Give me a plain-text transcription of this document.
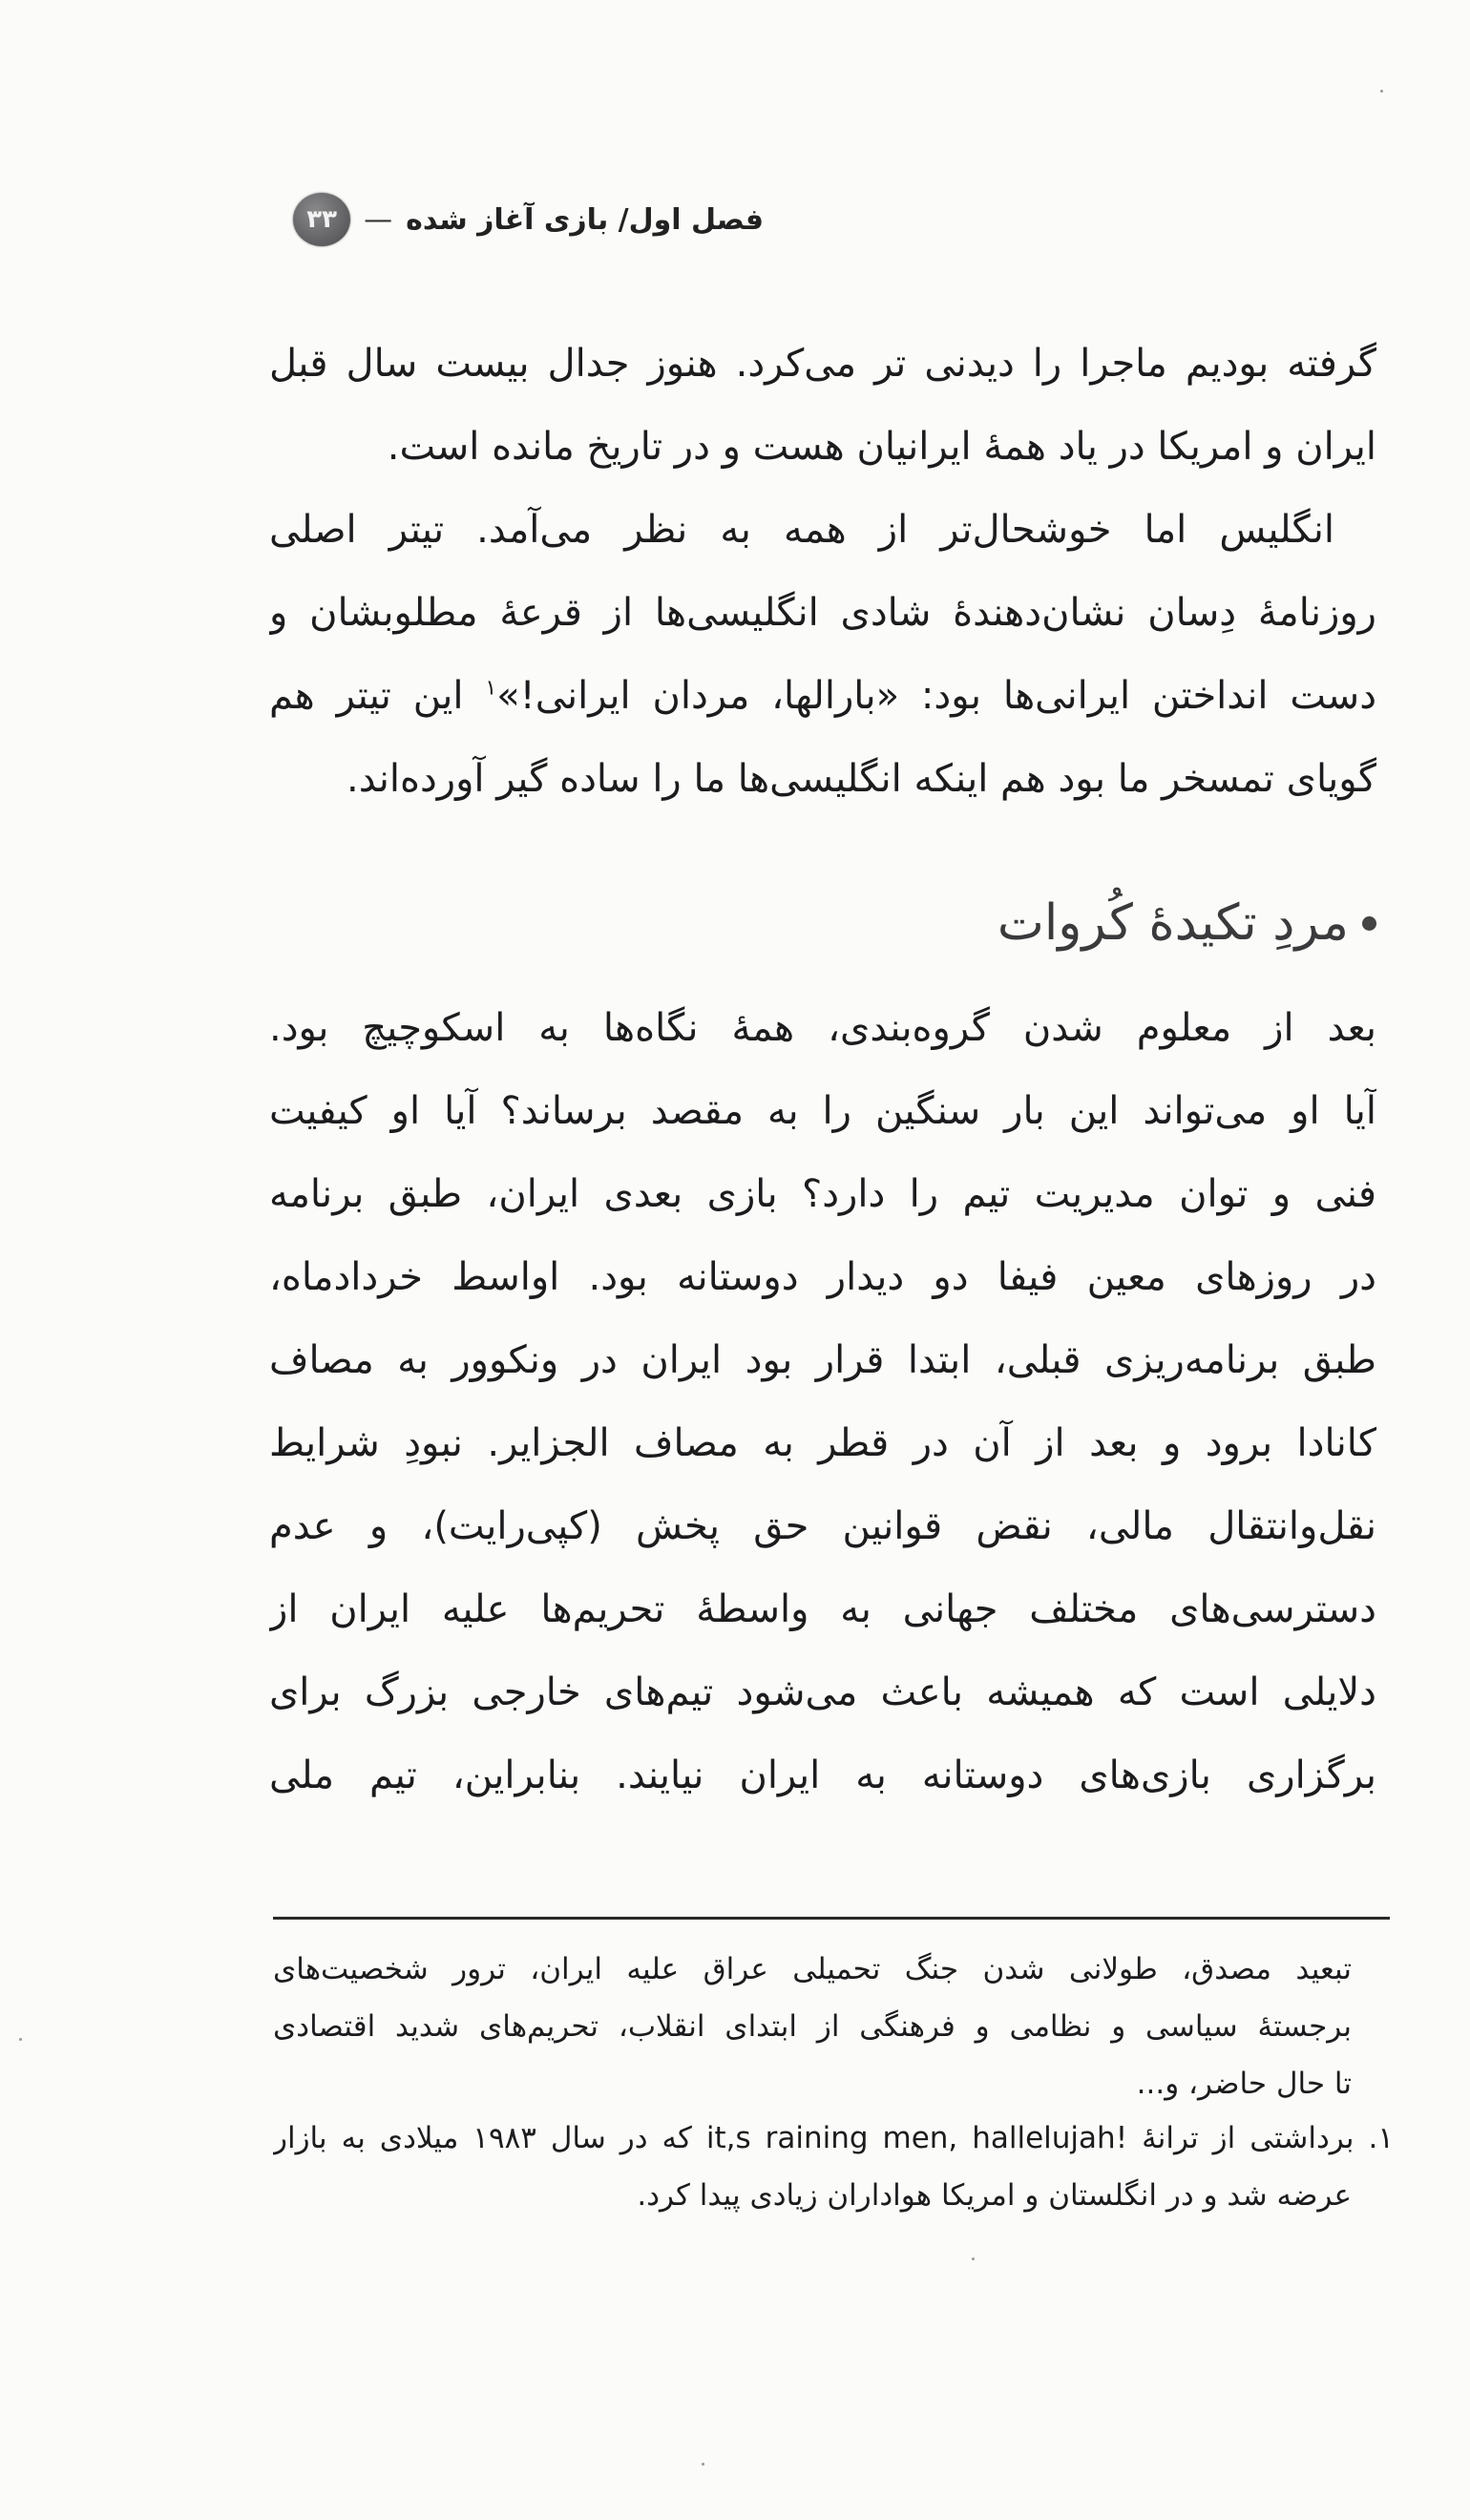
فصل اول/ بازی آغاز شده
—
۳۳
گرفته بودیم ماجرا را دیدنی تر می‌کرد. هنوز جدال بیست سال قبل
ایران و امریکا در یاد همهٔ ایرانیان هست و در تاریخ مانده است.
انگلیس اما خوشحال‌تر از همه به نظر می‌آمد. تیتر اصلی
روزنامهٔ دِسان نشان‌دهندهٔ شادی انگلیسی‌ها از قرعهٔ مطلوبشان و
دست انداختن ایرانی‌ها بود: «بارالها، مردان ایرانی!»$^۱$ این تیتر هم
گویای تمسخر ما بود هم اینکه انگلیسی‌ها ما را ساده گیر آورده‌اند.
مردِ تکیدهٔ کُروات
بعد از معلوم شدن گروه‌بندی، همهٔ نگاه‌ها به اسکوچیچ بود.
آیا او می‌تواند این بار سنگین را به مقصد برساند؟ آیا او کیفیت
فنی و توان مدیریت تیم را دارد؟ بازی بعدی ایران، طبق برنامه
در روزهای معین فیفا دو دیدار دوستانه بود. اواسط خردادماه،
طبق برنامه‌ریزی قبلی، ابتدا قرار بود ایران در ونکوور به مصاف
کانادا برود و بعد از آن در قطر به مصاف الجزایر. نبودِ شرایط
نقل‌وانتقال مالی، نقض قوانین حق پخش (کپی‌رایت)، و عدم
دسترسی‌های مختلف جهانی به واسطهٔ تحریم‌ها علیه ایران از
دلایلی است که همیشه باعث می‌شود تیم‌های خارجی بزرگ برای
برگزاری بازی‌های دوستانه به ایران نیایند. بنابراین، تیم ملی
تبعید مصدق، طولانی شدن جنگ تحمیلی عراق علیه ایران، ترور شخصیت‌های
برجستهٔ سیاسی و نظامی و فرهنگی از ابتدای انقلاب، تحریم‌های شدید اقتصادی
تا حال حاضر، و...
۱. برداشتی از ترانهٔ it,s raining men, hallelujah! که در سال ۱۹۸۳ میلادی به بازار
عرضه شد و در انگلستان و امریکا هواداران زیادی پیدا کرد.
